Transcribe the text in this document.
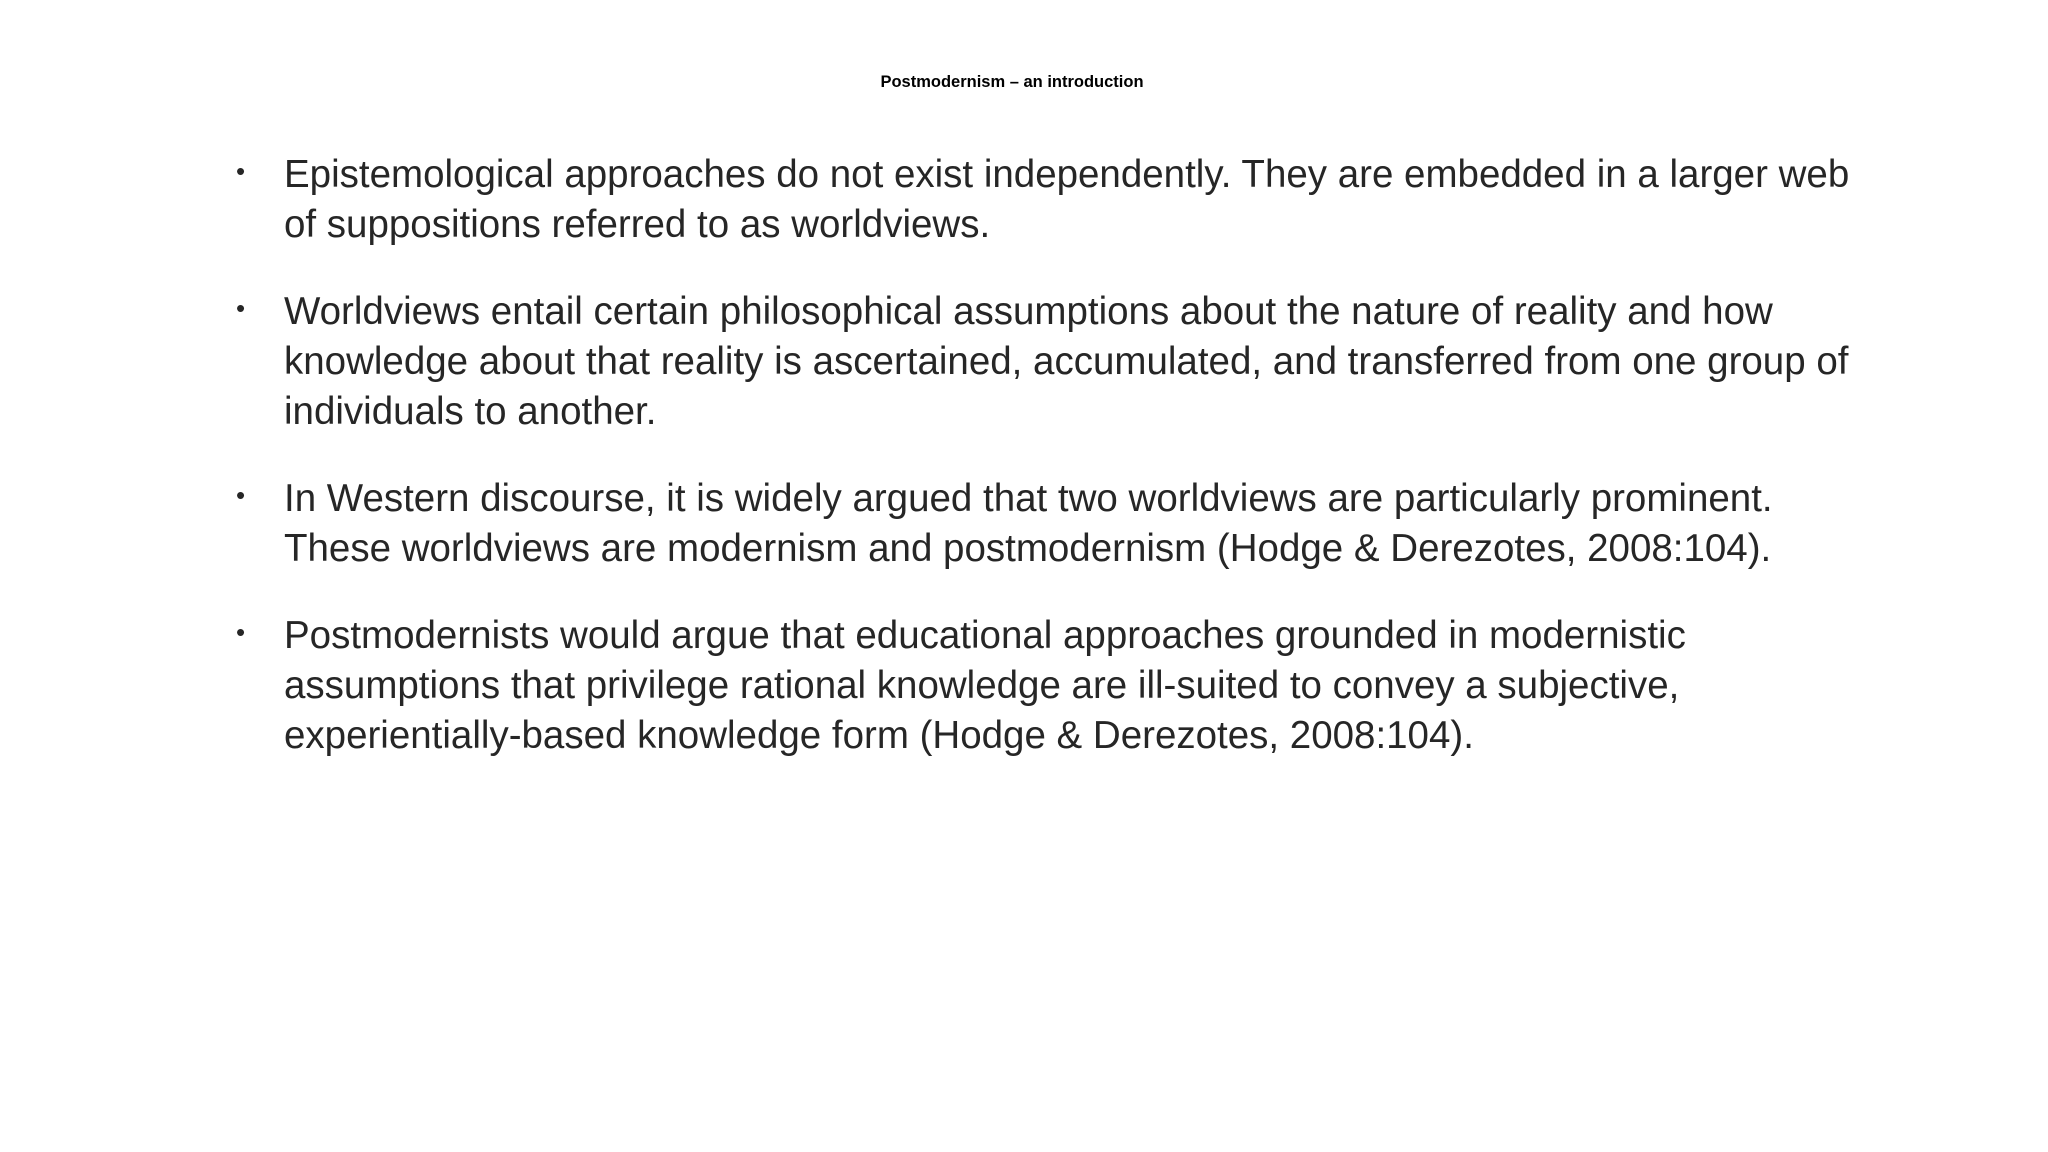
Postmodernism – an introduction
• Epistemological approaches do not exist independently. They are embedded in a larger web of suppositions referred to as worldviews.
• Worldviews entail certain philosophical assumptions about the nature of reality and how knowledge about that reality is ascertained, accumulated, and transferred from one group of individuals to another.
• In Western discourse, it is widely argued that two worldviews are particularly prominent. These worldviews are modernism and postmodernism (Hodge & Derezotes, 2008:104).
• Postmodernists would argue that educational approaches grounded in modernistic assumptions that privilege rational knowledge are ill-suited to convey a subjective, experientially-based knowledge form (Hodge & Derezotes, 2008:104).
